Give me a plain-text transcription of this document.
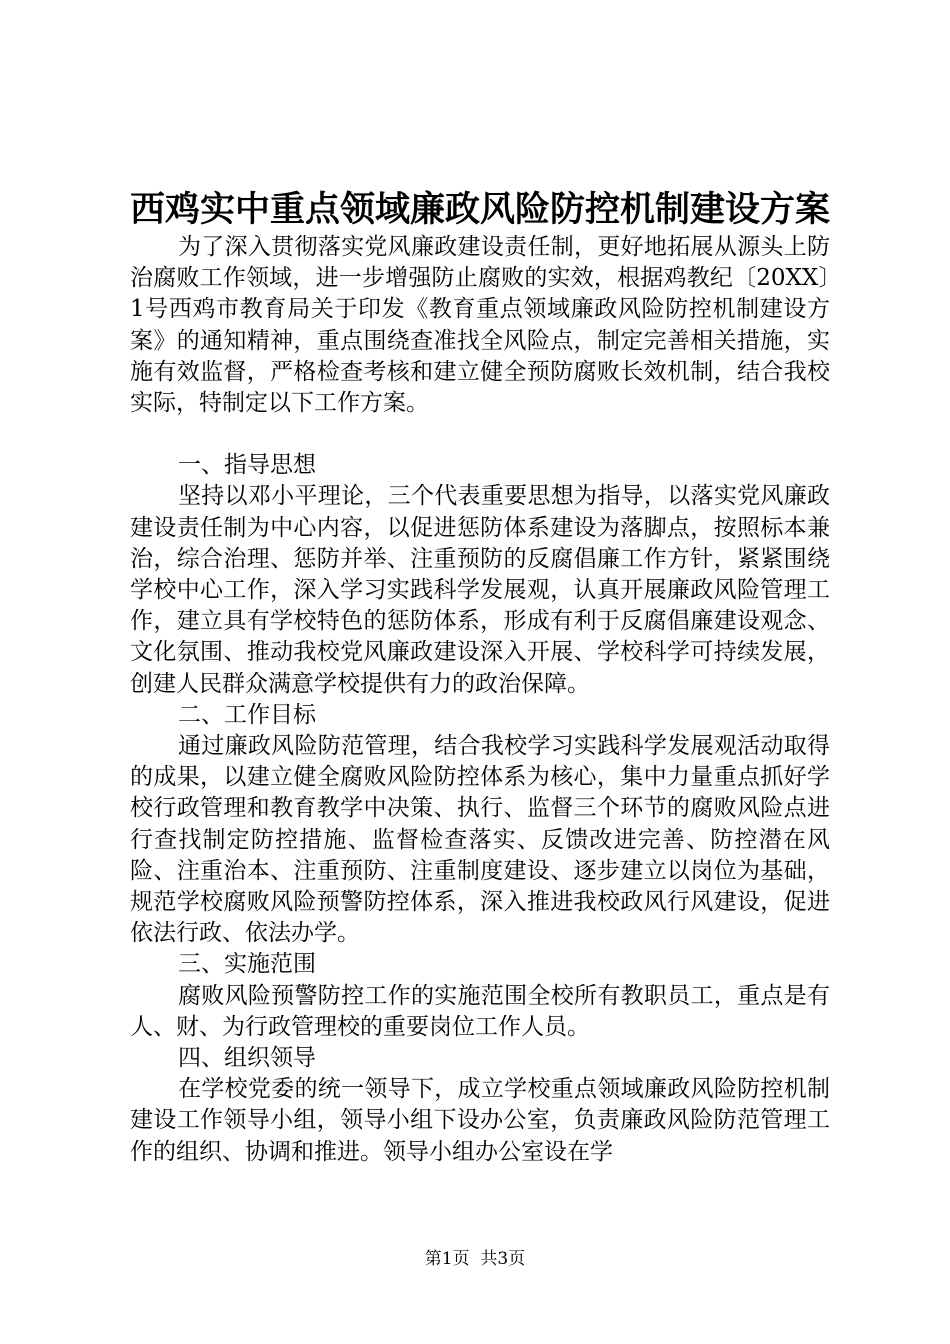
西鸡实中重点领域廉政风险防控机制建设方案

为了深入贯彻落实党风廉政建设责任制，更好地拓展从源头上防治腐败工作领域，进一步增强防止腐败的实效，根据鸡教纪〔20XX〕1号西鸡市教育局关于印发《教育重点领域廉政风险防控机制建设方案》的通知精神，重点围绕查准找全风险点，制定完善相关措施，实施有效监督，严格检查考核和建立健全预防腐败长效机制，结合我校实际，特制定以下工作方案。

一、指导思想

坚持以邓小平理论，三个代表重要思想为指导，以落实党风廉政建设责任制为中心内容，以促进惩防体系建设为落脚点，按照标本兼治，综合治理、惩防并举、注重预防的反腐倡廉工作方针，紧紧围绕学校中心工作，深入学习实践科学发展观，认真开展廉政风险管理工作，建立具有学校特色的惩防体系，形成有利于反腐倡廉建设观念、文化氛围、推动我校党风廉政建设深入开展、学校科学可持续发展，创建人民群众满意学校提供有力的政治保障。

二、工作目标

通过廉政风险防范管理，结合我校学习实践科学发展观活动取得的成果，以建立健全腐败风险防控体系为核心，集中力量重点抓好学校行政管理和教育教学中决策、执行、监督三个环节的腐败风险点进行查找制定防控措施、监督检查落实、反馈改进完善、防控潜在风险、注重治本、注重预防、注重制度建设、逐步建立以岗位为基础，规范学校腐败风险预警防控体系，深入推进我校政风行风建设，促进依法行政、依法办学。

三、实施范围

腐败风险预警防控工作的实施范围全校所有教职员工，重点是有人、财、为行政管理校的重要岗位工作人员。

四、组织领导

在学校党委的统一领导下，成立学校重点领域廉政风险防控机制建设工作领导小组，领导小组下设办公室，负责廉政风险防范管理工作的组织、协调和推进。领导小组办公室设在学

第1页  共3页
